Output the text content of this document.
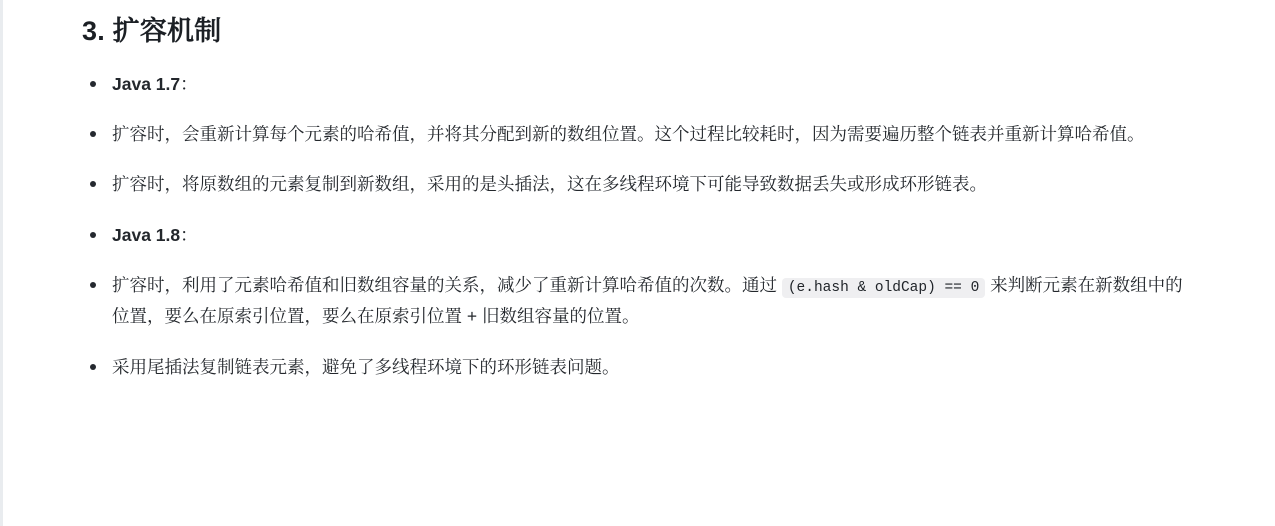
3. 扩容机制
Java 1.7：
扩容时，会重新计算每个元素的哈希值，并将其分配到新的数组位置。这个过程比较耗时，因为需要遍历整个链表并重新计算哈希值。
扩容时，将原数组的元素复制到新数组，采用的是头插法，这在多线程环境下可能导致数据丢失或形成环形链表。
Java 1.8：
扩容时，利用了元素哈希值和旧数组容量的关系，减少了重新计算哈希值的次数。通过 (e.hash & oldCap) == 0 来判断元素在新数组中的位置，要么在原索引位置，要么在原索引位置 + 旧数组容量的位置。
采用尾插法复制链表元素，避免了多线程环境下的环形链表问题。
